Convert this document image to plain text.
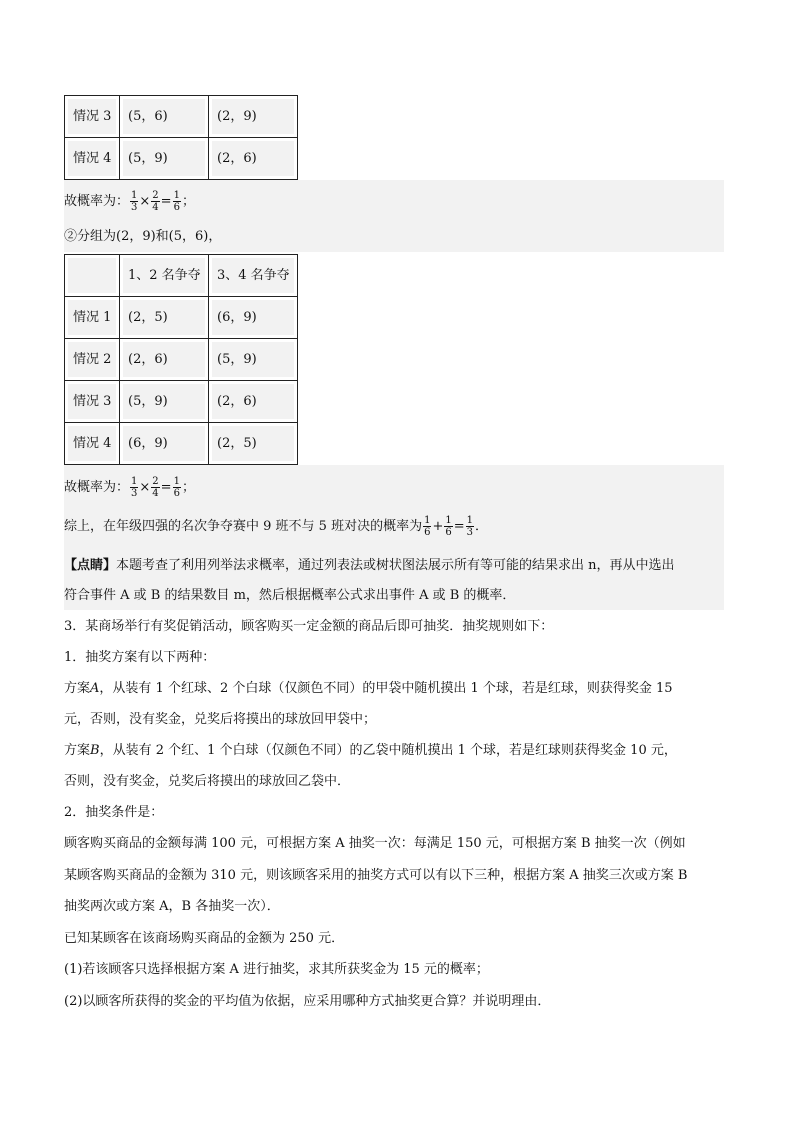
情况 3	(5，6)	(2，9)

情况 4	(5，9)	(2，6)
故概率为： $\frac{1}{3} \times \frac{2}{4} = \frac{1}{6}$ ；
②分组为(2，9)和(5，6)，

	1、2 名争夺	3、4 名争夺

情况 1	(2，5)	(6，9)

情况 2	(2，6)	(5，9)

情况 3	(5，9)	(2，6)

情况 4	(6，9)	(2，5)
故概率为： $\frac{1}{3} \times \frac{2}{4} = \frac{1}{6}$ ；
综上，在年级四强的名次争夺赛中 9 班不与 5 班对决的概率为 $\frac{1}{6} + \frac{1}{6} = \frac{1}{3}$ ．
【点睛】本题考查了利用列举法求概率，通过列表法或树状图法展示所有等可能的结果求出 n，再从中选出
符合事件 A 或 B 的结果数目 m，然后根据概率公式求出事件 A 或 B 的概率．
3．某商场举行有奖促销活动，顾客购买一定金额的商品后即可抽奖．抽奖规则如下：
1．抽奖方案有以下两种：
方案A，从装有 1 个红球、2 个白球（仅颜色不同）的甲袋中随机摸出 1 个球，若是红球，则获得奖金 15
元，否则，没有奖金，兑奖后将摸出的球放回甲袋中；
方案B，从装有 2 个红、1 个白球（仅颜色不同）的乙袋中随机摸出 1 个球，若是红球则获得奖金 10 元，
否则，没有奖金，兑奖后将摸出的球放回乙袋中．
2．抽奖条件是：
顾客购买商品的金额每满 100 元，可根据方案 A 抽奖一次：每满足 150 元，可根据方案 B 抽奖一次（例如
某顾客购买商品的金额为 310 元，则该顾客采用的抽奖方式可以有以下三种，根据方案 A 抽奖三次或方案 B
抽奖两次或方案 A，B 各抽奖一次）．
已知某顾客在该商场购买商品的金额为 250 元．
(1)若该顾客只选择根据方案 A 进行抽奖，求其所获奖金为 15 元的概率；
(2)以顾客所获得的奖金的平均值为依据，应采用哪种方式抽奖更合算？并说明理由．
